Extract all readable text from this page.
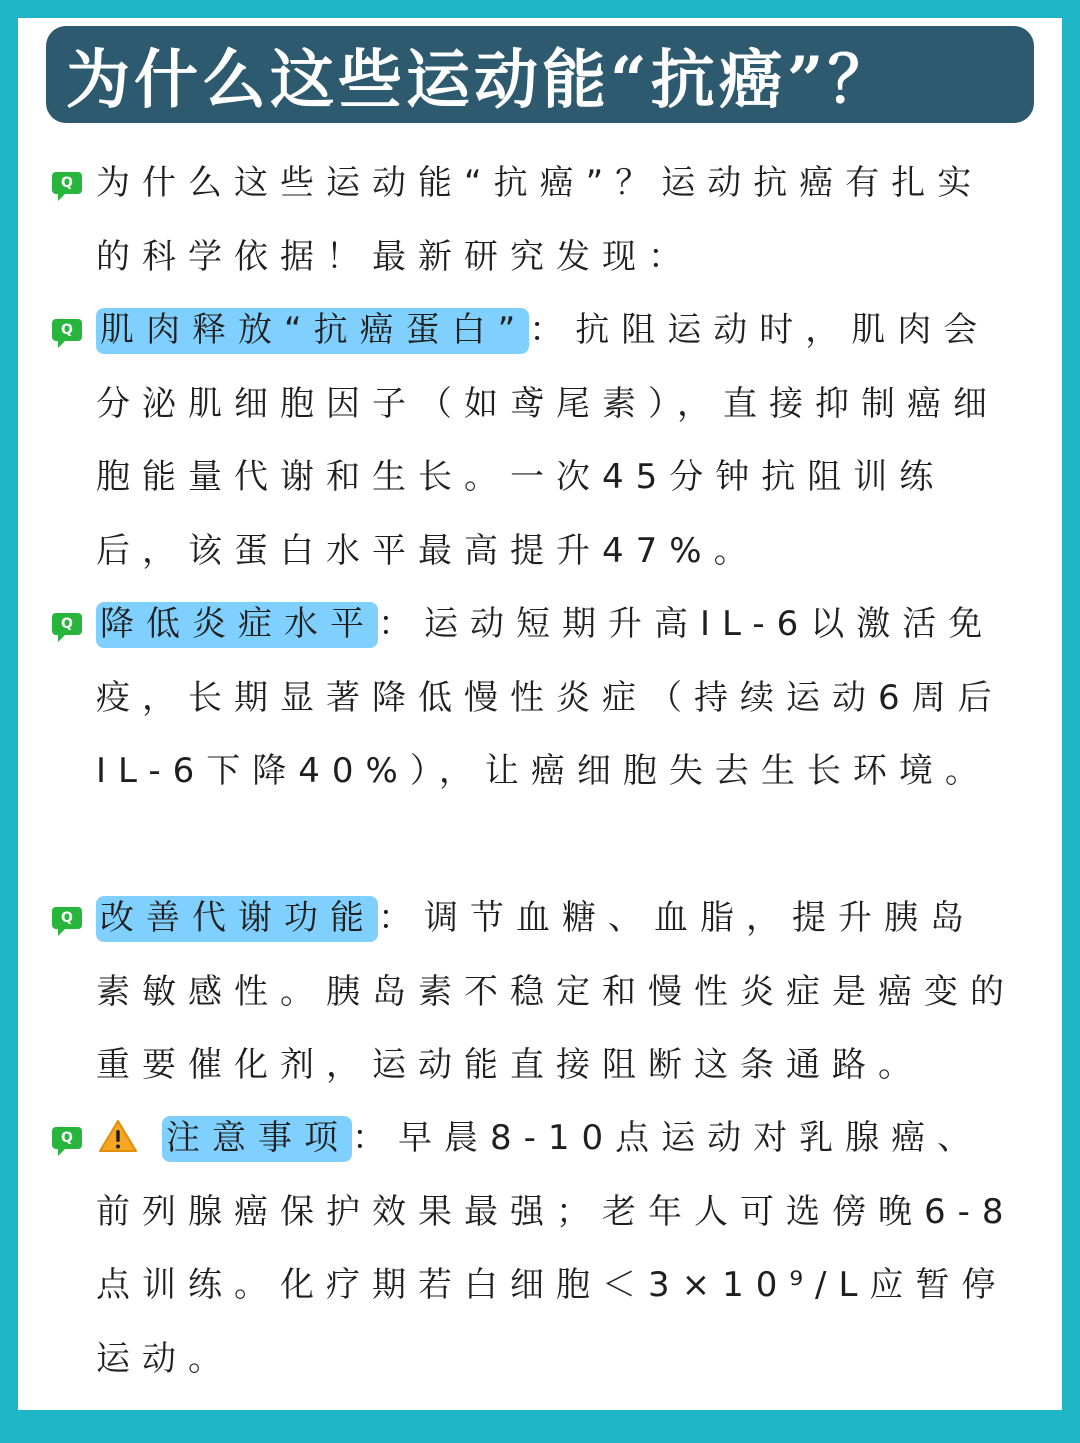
为什么这些运动能“抗癌”？
Q 为什么这些运动能“抗癌”？运动抗癌有扎实的科学依据！最新研究发现：
Q 肌肉释放“抗癌蛋白”：抗阻运动时，肌肉会分泌肌细胞因子（如鸢尾素），直接抑制癌细胞能量代谢和生长。一次45分钟抗阻训练后，该蛋白水平最高提升47%。
Q 降低炎症水平：运动短期升高IL-6以激活免疫，长期显著降低慢性炎症（持续运动6周后IL-6下降40%），让癌细胞失去生长环境。
Q 改善代谢功能：调节血糖、血脂，提升胰岛素敏感性。胰岛素不稳定和慢性炎症是癌变的重要催化剂，运动能直接阻断这条通路。
Q	注意事项：早晨8-10点运动对乳腺癌、前列腺癌保护效果最强；老年人可选傍晚6-8点训练。化疗期若白细胞＜3×10⁹/L应暂停运动。
